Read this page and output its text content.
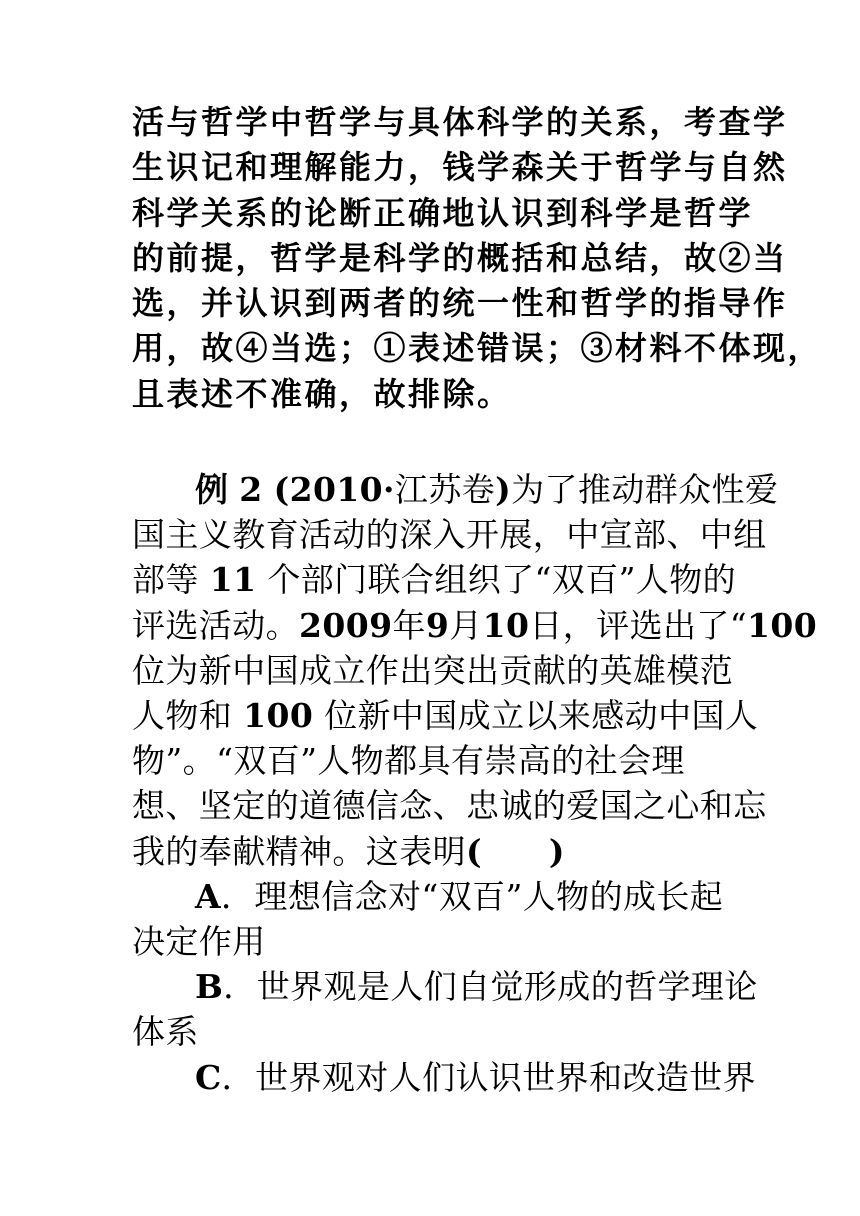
活与哲学中哲学与具体科学的关系，考查学
生识记和理解能力，钱学森关于哲学与自然
科学关系的论断正确地认识到科学是哲学
的前提，哲学是科学的概括和总结，故②当
选，并认识到两者的统一性和哲学的指导作
用，故④当选；①表述错误；③材料不体现，
且表述不准确，故排除。
例 2 (2010·江苏卷)为了推动群众性爱
国主义教育活动的深入开展，中宣部、中组
部等 11 个部门联合组织了“双百”人物的
评选活动。2009年9月10日，评选出了“100
位为新中国成立作出突出贡献的英雄模范
人物和 100 位新中国成立以来感动中国人
物”。“双百”人物都具有崇高的社会理
想、坚定的道德信念、忠诚的爱国之心和忘
我的奉献精神。这表明(　　)
A．理想信念对“双百”人物的成长起
决定作用
B．世界观是人们自觉形成的哲学理论
体系
C．世界观对人们认识世界和改造世界
